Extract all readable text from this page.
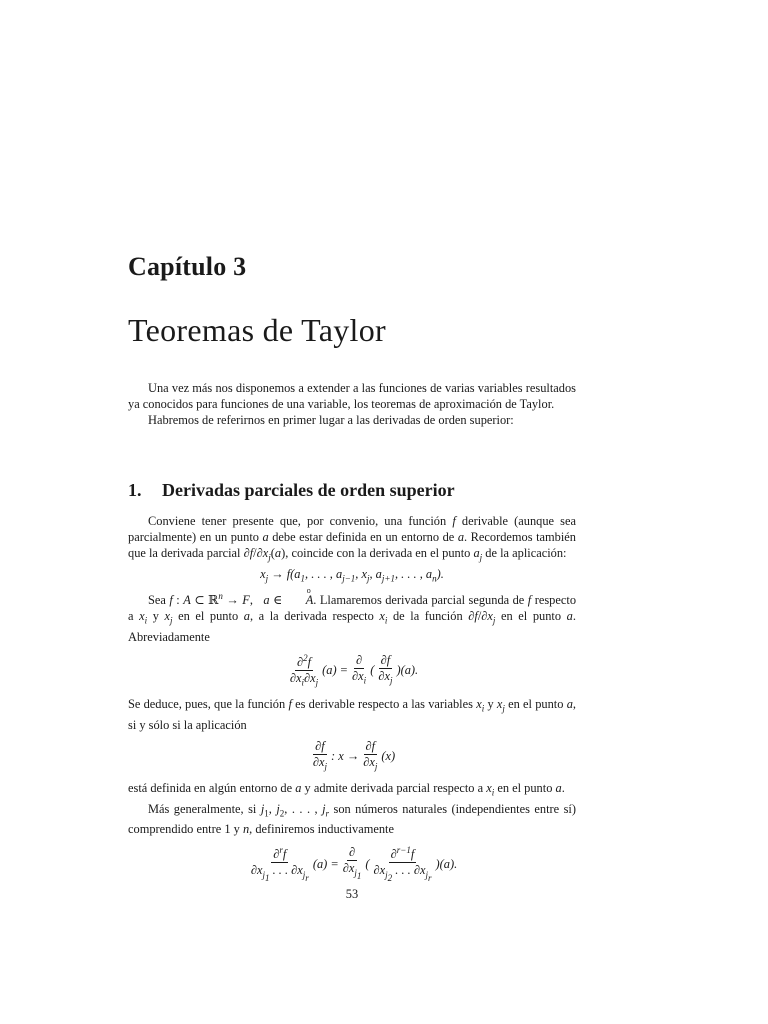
Capítulo 3
Teoremas de Taylor

Una vez más nos disponemos a extender a las funciones de varias variables resultados ya conocidos para funciones de una variable, los teoremas de aproximación de Taylor.

Habremos de referirnos en primer lugar a las derivadas de orden superior:

1. Derivadas parciales de orden superior

Conviene tener presente que, por convenio, una función f derivable (aunque sea parcialmente) en un punto a debe estar definida en un entorno de a. Recordemos también que la derivada parcial $\partial f/\partial x_j(a)$, coincide con la derivada en el punto $a_j$ de la aplicación:

$x_j \to f(a_1$, . . . , $a_{j-1}$, $x_j$, $a_{j+1}$, . . . , $a_n$).

Sea f : A ⊂ ℝ$^n$ → F,   a ∈ o A. Llamaremos derivada parcial segunda de f respecto a $x_i$ y $x_j$ en el punto a, a la derivada respecto $x_i$ de la función $\partial f/\partial x_j$ en el punto a. Abreviadamente

$\frac{\partial^2f}{\partial x_i\partial x_j} (a) = \frac{\partial}{\partial x_i}$ ( $\frac{\partial f}{\partial x_j} )(a)$.

Se deduce, pues, que la función f es derivable respecto a las variables $x_i$ y $x_j$ en el punto a, si y sólo si la aplicación

$\frac{\partial f}{\partial x_j}$ : $x \to \frac{\partial f}{\partial x_j} (x)$

está definida en algún entorno de a y admite derivada parcial respecto a $x_i$ en el punto a.

Más generalmente, si $j_1$, $j_2$, . . . , $j_r$ son números naturales (independientes entre sí) comprendido entre 1 y n, definiremos inductivamente

$\frac{\partial^rf}{\partial x_{j_1} . . . \partial x_{j_r}} (a) = \frac{\partial}{\partial x_{j_1}}$ ( $\frac{\partial^{r-1}f}{\partial x_{j_2} . . . \partial x_{j_r}} )(a)$.
53
